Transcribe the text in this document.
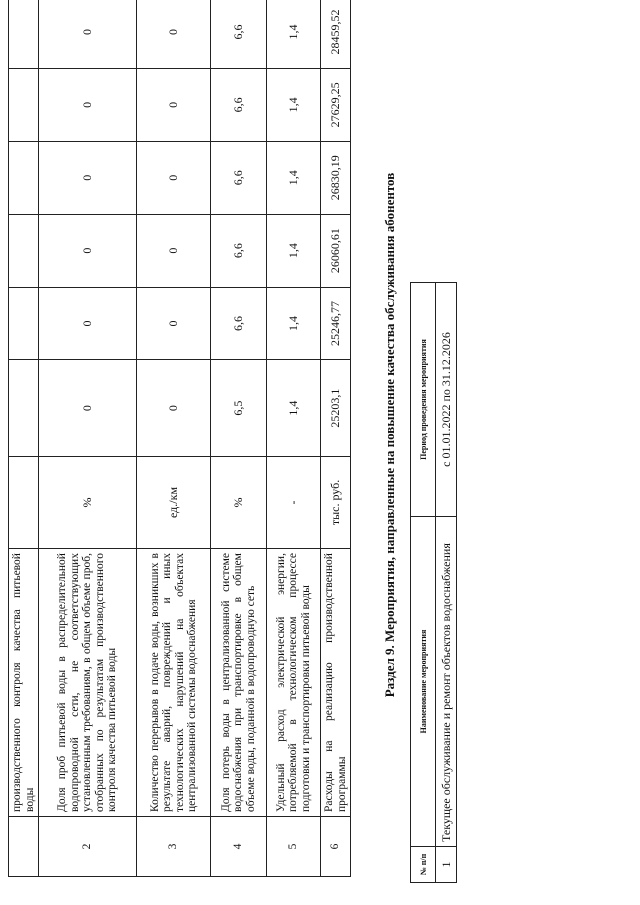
	производственного контроля качества питьевой воды							
2	Доля проб питьевой воды в распределительной водопроводной сети, не соответствующих установленным требованиям, в общем объеме проб, отобранных по результатам производственного контроля качества питьевой воды	%	0	0	0	0	0	0
3	Количество перерывов в подаче воды, возникших в результате аварий, повреждений и иных технологических нарушений на объектах централизованной системы водоснабжения	ед./км	0	0	0	0	0	0
4	Доля потерь воды в централизованной системе водоснабжения при транспортировке в общем объеме воды, поданной в водопроводную сеть	%	6,5	6,6	6,6	6,6	6,6	6,6
5	Удельный расход электрической энергии, потребляемой в технологическом процессе подготовки и транспортировки питьевой воды	-	1,4	1,4	1,4	1,4	1,4	1,4
6	Расходы на реализацию производственной программы	тыс. руб.	25203,1	25246,77	26060,61	26830,19	27629,25	28459,52
Раздел 9. Мероприятия, направленные на повышение качества обслуживания абонентов
№ п/п	Наименование мероприятия	Период проведения мероприятия
1	Текущее обслуживание и ремонт объектов водоснабжения	с 01.01.2022 по 31.12.2026
